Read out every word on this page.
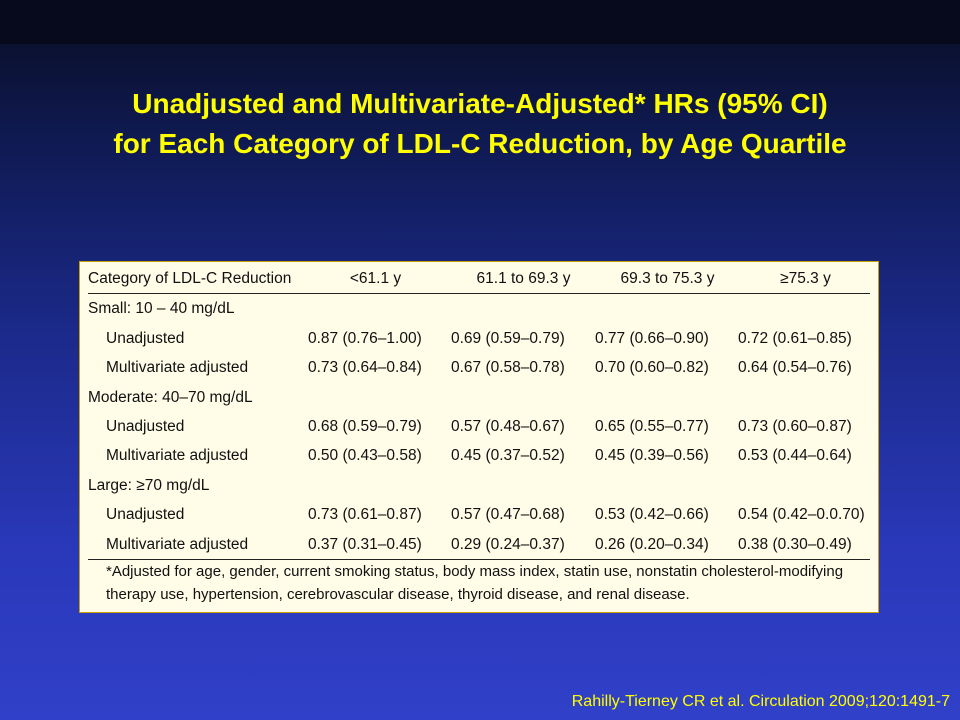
Unadjusted and Multivariate-Adjusted* HRs (95% CI)
for Each Category of LDL-C Reduction, by Age Quartile
Category of LDL-C Reduction	<61.1 y	61.1 to 69.3 y	69.3 to 75.3 y	≥75.3 y
Small: 10 – 40 mg/dL
Unadjusted	0.87 (0.76–1.00)	0.69 (0.59–0.79)	0.77 (0.66–0.90)	0.72 (0.61–0.85)
Multivariate adjusted	0.73 (0.64–0.84)	0.67 (0.58–0.78)	0.70 (0.60–0.82)	0.64 (0.54–0.76)
Moderate: 40–70 mg/dL
Unadjusted	0.68 (0.59–0.79)	0.57 (0.48–0.67)	0.65 (0.55–0.77)	0.73 (0.60–0.87)
Multivariate adjusted	0.50 (0.43–0.58)	0.45 (0.37–0.52)	0.45 (0.39–0.56)	0.53 (0.44–0.64)
Large: ≥70 mg/dL
Unadjusted	0.73 (0.61–0.87)	0.57 (0.47–0.68)	0.53 (0.42–0.66)	0.54 (0.42–0.0.70)
Multivariate adjusted	0.37 (0.31–0.45)	0.29 (0.24–0.37)	0.26 (0.20–0.34)	0.38 (0.30–0.49)
*Adjusted for age, gender, current smoking status, body mass index, statin use, nonstatin cholesterol-modifying therapy use, hypertension, cerebrovascular disease, thyroid disease, and renal disease.
Rahilly-Tierney CR et al. Circulation 2009;120:1491-7
